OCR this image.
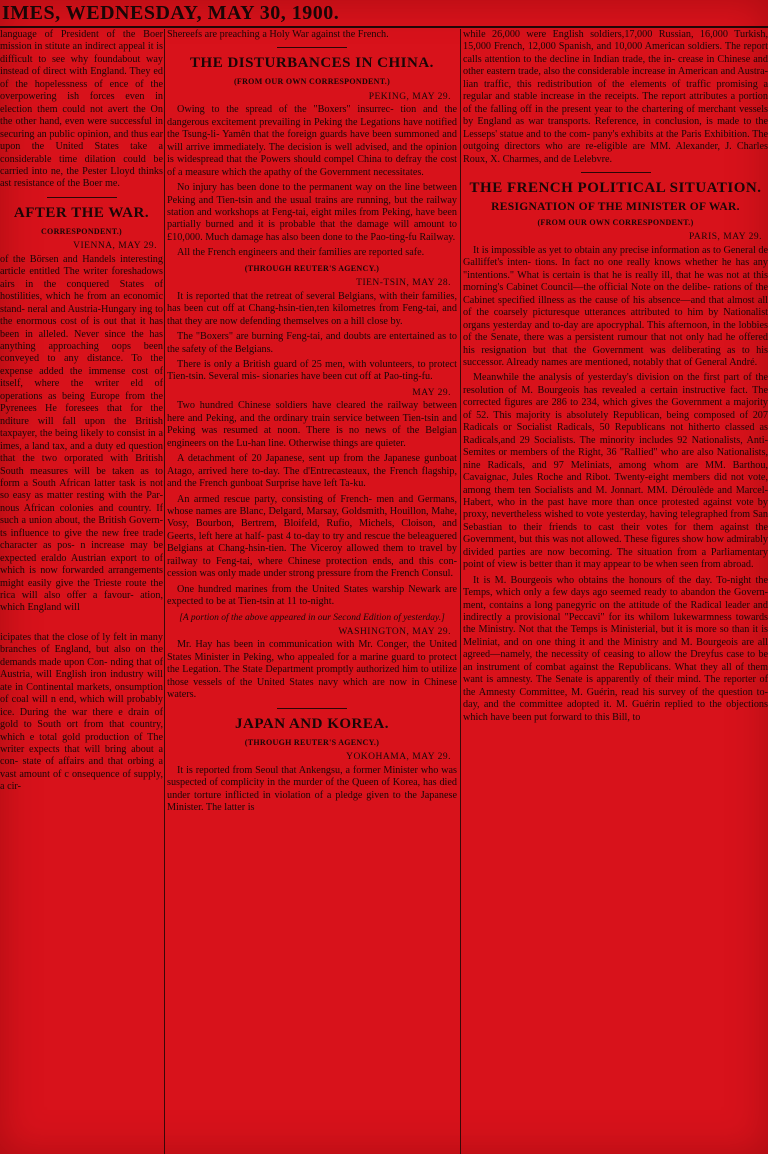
IMES, WEDNESDAY, MAY 30, 1900.

language of President of the Boer mission in stitute an indirect appeal it is difficult to see why foundabout way instead of direct with England. They ed of the hopelessness of ence of the overpowering ish forces even in election them could not avert the On the other hand, even were successful in securing an public opinion, and thus ear upon the United States take a considerable time dilation could be carried into ne, the Pester Lloyd thinks ast resistance of the Boer me.

AFTER THE WAR.
CORRESPONDENT.)
VIENNA, MAY 29.

of the Börsen and Handels interesting article entitled The writer foreshadows airs in the conquered States of hostilities, which he from an economic stand- neral and Austria-Hungary ing to the enormous cost of is out that it has been in alleled. Never since the has anything approaching oops been conveyed to any distance. To the expense added the immense cost of itself, where the writer eld of operations as being Europe from the Pyrenees He foresees that for the nditure will fall upon the British taxpayer, the being likely to consist in a imes, a land tax, and a duty ed question that the two orporated with British South measures will be taken as to form a South African latter task is not so easy as matter resting with the Par- nous African colonies and country. If such a union about, the British Govern- ts influence to give the new free trade character as pos- n increase may be expected eraldo Austrian export to of which is now forwarded arrangements might easily give the Trieste route the rica will also offer a favour- ation, which England will

icipates that the close of ly felt in many branches of England, but also on the demands made upon Con- nding that of Austria, will English iron industry will ate in Continental markets, onsumption of coal will n end, which will probably ice. During the war there e drain of gold to South ort from that country, which e total gold production of The writer expects that will bring about a con- state of affairs and that orbing a vast amount of c onsequence of supply, a cir-

Shereefs are preaching a Holy War against the French.

THE DISTURBANCES IN CHINA.
(FROM OUR OWN CORRESPONDENT.)
PEKING, MAY 29.

Owing to the spread of the "Boxers" insurrec- tion and the dangerous excitement prevailing in Peking the Legations have notified the Tsung-li- Yamên that the foreign guards have been summoned and will arrive immediately. The decision is well advised, and the opinion is widespread that the Powers should compel China to defray the cost of a measure which the apathy of the Government necessitates.

No injury has been done to the permanent way on the line between Peking and Tien-tsin and the usual trains are running, but the railway station and workshops at Feng-tai, eight miles from Peking, have been partially burned and it is probable that the damage will amount to £10,000. Much damage has also been done to the Pao-ting-fu Railway.

All the French engineers and their families are reported safe.

(THROUGH REUTER'S AGENCY.)
TIEN-TSIN, MAY 28.

It is reported that the retreat of several Belgians, with their families, has been cut off at Chang-hsin-tien,ten kilometres from Feng-tai, and that they are now defending themselves on a hill close by.

The "Boxers" are burning Feng-tai, and doubts are entertained as to the safety of the Belgians.

There is only a British guard of 25 men, with volunteers, to protect Tien-tsin. Several mis- sionaries have been cut off at Pao-ting-fu.

MAY 29.

Two hundred Chinese soldiers have cleared the railway between here and Peking, and the ordinary train service between Tien-tsin and Peking was resumed at noon. There is no news of the Belgian engineers on the Lu-han line. Otherwise things are quieter.

A detachment of 20 Japanese, sent up from the Japanese gunboat Atago, arrived here to-day. The d'Entrecasteaux, the French flagship, and the French gunboat Surprise have left Ta-ku.

An armed rescue party, consisting of French- men and Germans, whose names are Blanc, Delgard, Marsay, Goldsmith, Houillon, Mahe, Vosy, Bourbon, Bertrem, Bloifeld, Rufio, Michels, Cloison, and Geerts, left here at half- past 4 to-day to try and rescue the beleaguered Belgians at Chang-hsin-tien. The Viceroy allowed them to travel by railway to Feng-tai, where Chinese protection ends, and this con- cession was only made under strong pressure from the French Consul.

One hundred marines from the United States warship Newark are expected to be at Tien-tsin at 11 to-night.

[A portion of the above appeared in our Second Edition of yesterday.]
WASHINGTON, MAY 29.

Mr. Hay has been in communication with Mr. Conger, the United States Minister in Peking, who appealed for a marine guard to protect the Legation. The State Department promptly authorized him to utilize those vessels of the United States navy which are now in Chinese waters.

JAPAN AND KOREA.
(THROUGH REUTER'S AGENCY.)
YOKOHAMA, MAY 29.

It is reported from Seoul that Ankengsu, a former Minister who was suspected of complicity in the murder of the Queen of Korea, has died under torture inflicted in violation of a pledge given to the Japanese Minister. The latter is

while 26,000 were English soldiers,17,000 Russian, 16,000 Turkish, 15,000 French, 12,000 Spanish, and 10,000 American soldiers. The report calls attention to the decline in Indian trade, the in- crease in Chinese and other eastern trade, also the considerable increase in American and Austra- lian traffic, this redistribution of the elements of traffic promising a regular and stable increase in the receipts. The report attributes a portion of the falling off in the present year to the chartering of merchant vessels by England as war transports. Reference, in conclusion, is made to the Lesseps' statue and to the com- pany's exhibits at the Paris Exhibition. The outgoing directors who are re-eligible are MM. Alexander, J. Charles Roux, X. Charmes, and de Lelebvre.

THE FRENCH POLITICAL SITUATION.
RESIGNATION OF THE MINISTER OF WAR.
(FROM OUR OWN CORRESPONDENT.)
PARIS, MAY 29.

It is impossible as yet to obtain any precise information as to General de Galliffet's inten- tions. In fact no one really knows whether he has any "intentions." What is certain is that he is really ill, that he was not at this morning's Cabinet Council—the official Note on the delibe- rations of the Cabinet specified illness as the cause of his absence—and that almost all of the coarsely picturesque utterances attributed to him by Nationalist organs yesterday and to-day are apocryphal. This afternoon, in the lobbies of the Senate, there was a persistent rumour that not only had he offered his resignation but that the Government was deliberating as to his successor. Already names are mentioned, notably that of General André.

Meanwhile the analysis of yesterday's division on the first part of the resolution of M. Bourgeois has revealed a certain instructive fact. The corrected figures are 286 to 234, which gives the Government a majority of 52. This majority is absolutely Republican, being composed of 207 Radicals or Socialist Radicals, 50 Republicans not hitherto classed as Radicals,and 29 Socialists. The minority includes 92 Nationalists, Anti- Semites or members of the Right, 36 "Rallied" who are also Nationalists, nine Radicals, and 97 Meliniats, among whom are MM. Barthou, Cavaignac, Jules Roche and Ribot. Twenty-eight members did not vote, among them ten Socialists and M. Jonnart. MM. Déroulède and Marcel- Habert, who in the past have more than once protested against vote by proxy, nevertheless wished to vote yesterday, having telegraphed from San Sebastian to their friends to cast their votes for them against the Government, but this was not allowed. These figures show how admirably divided parties are now becoming. The situation from a Parliamentary point of view is better than it may appear to be when seen from abroad.

It is M. Bourgeois who obtains the honours of the day. To-night the Temps, which only a few days ago seemed ready to abandon the Govern- ment, contains a long panegyric on the attitude of the Radical leader and indirectly a provisional "Peccavi" for its whilom lukewarmness towards the Ministry. Not that the Temps is Ministerial, but it is more so than it is Meliniat, and on one thing it and the Ministry and M. Bourgeois are all agreed—namely, the necessity of ceasing to allow the Dreyfus case to be an instrument of combat against the Republicans. What they all of them want is amnesty. The Senate is apparently of their mind. The reporter of the Amnesty Committee, M. Guérin, read his survey of the question to-day, and the committee adopted it. M. Guérin replied to the objections which have been put forward to this Bill, to
